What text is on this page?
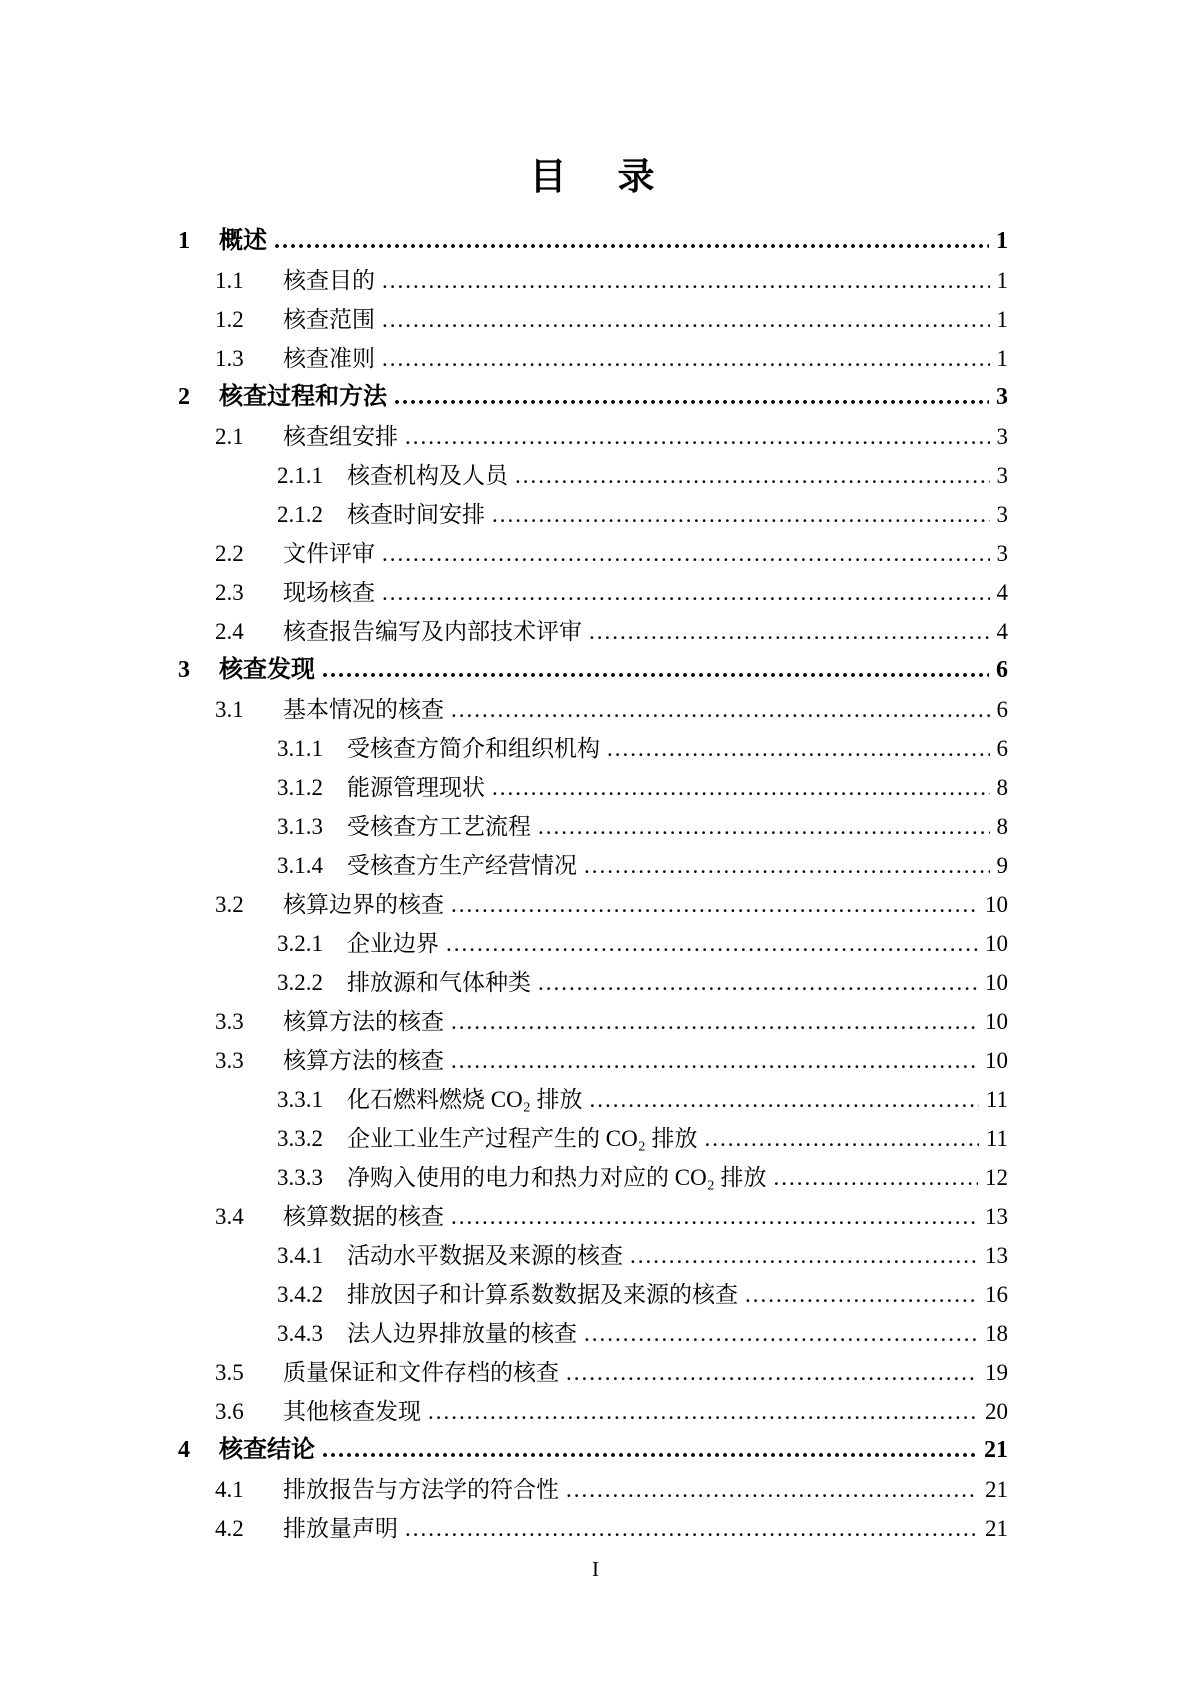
目　录
1	概述 .....	1
1.1	核查目的 .....	1
1.2	核查范围 .....	1
1.3	核查准则 .....	1
2	核查过程和方法 .....	3
2.1	核查组安排 .....	3
2.1.1	核查机构及人员 .....	3
2.1.2	核查时间安排 .....	3
2.2	文件评审 .....	3
2.3	现场核查 .....	4
2.4	核查报告编写及内部技术评审 .....	4
3	核查发现 .....	6
3.1	基本情况的核查 .....	6
3.1.1	受核查方简介和组织机构 .....	6
3.1.2	能源管理现状 .....	8
3.1.3	受核查方工艺流程 .....	8
3.1.4	受核查方生产经营情况 .....	9
3.2	核算边界的核查 .....	10
3.2.1	企业边界 .....	10
3.2.2	排放源和气体种类 .....	10
3.3	核算方法的核查 .....	10
3.3	核算方法的核查 .....	10
3.3.1	化石燃料燃烧 CO₂ 排放 .....	11
3.3.2	企业工业生产过程产生的 CO₂ 排放 .....	11
3.3.3	净购入使用的电力和热力对应的 CO₂ 排放 .....	12
3.4	核算数据的核查 .....	13
3.4.1	活动水平数据及来源的核查 .....	13
3.4.2	排放因子和计算系数数据及来源的核查 .....	16
3.4.3	法人边界排放量的核查 .....	18
3.5	质量保证和文件存档的核查 .....	19
3.6	其他核查发现 .....	20
4	核查结论 .....	21
4.1	排放报告与方法学的符合性 .....	21
4.2	排放量声明 .....	21
I
